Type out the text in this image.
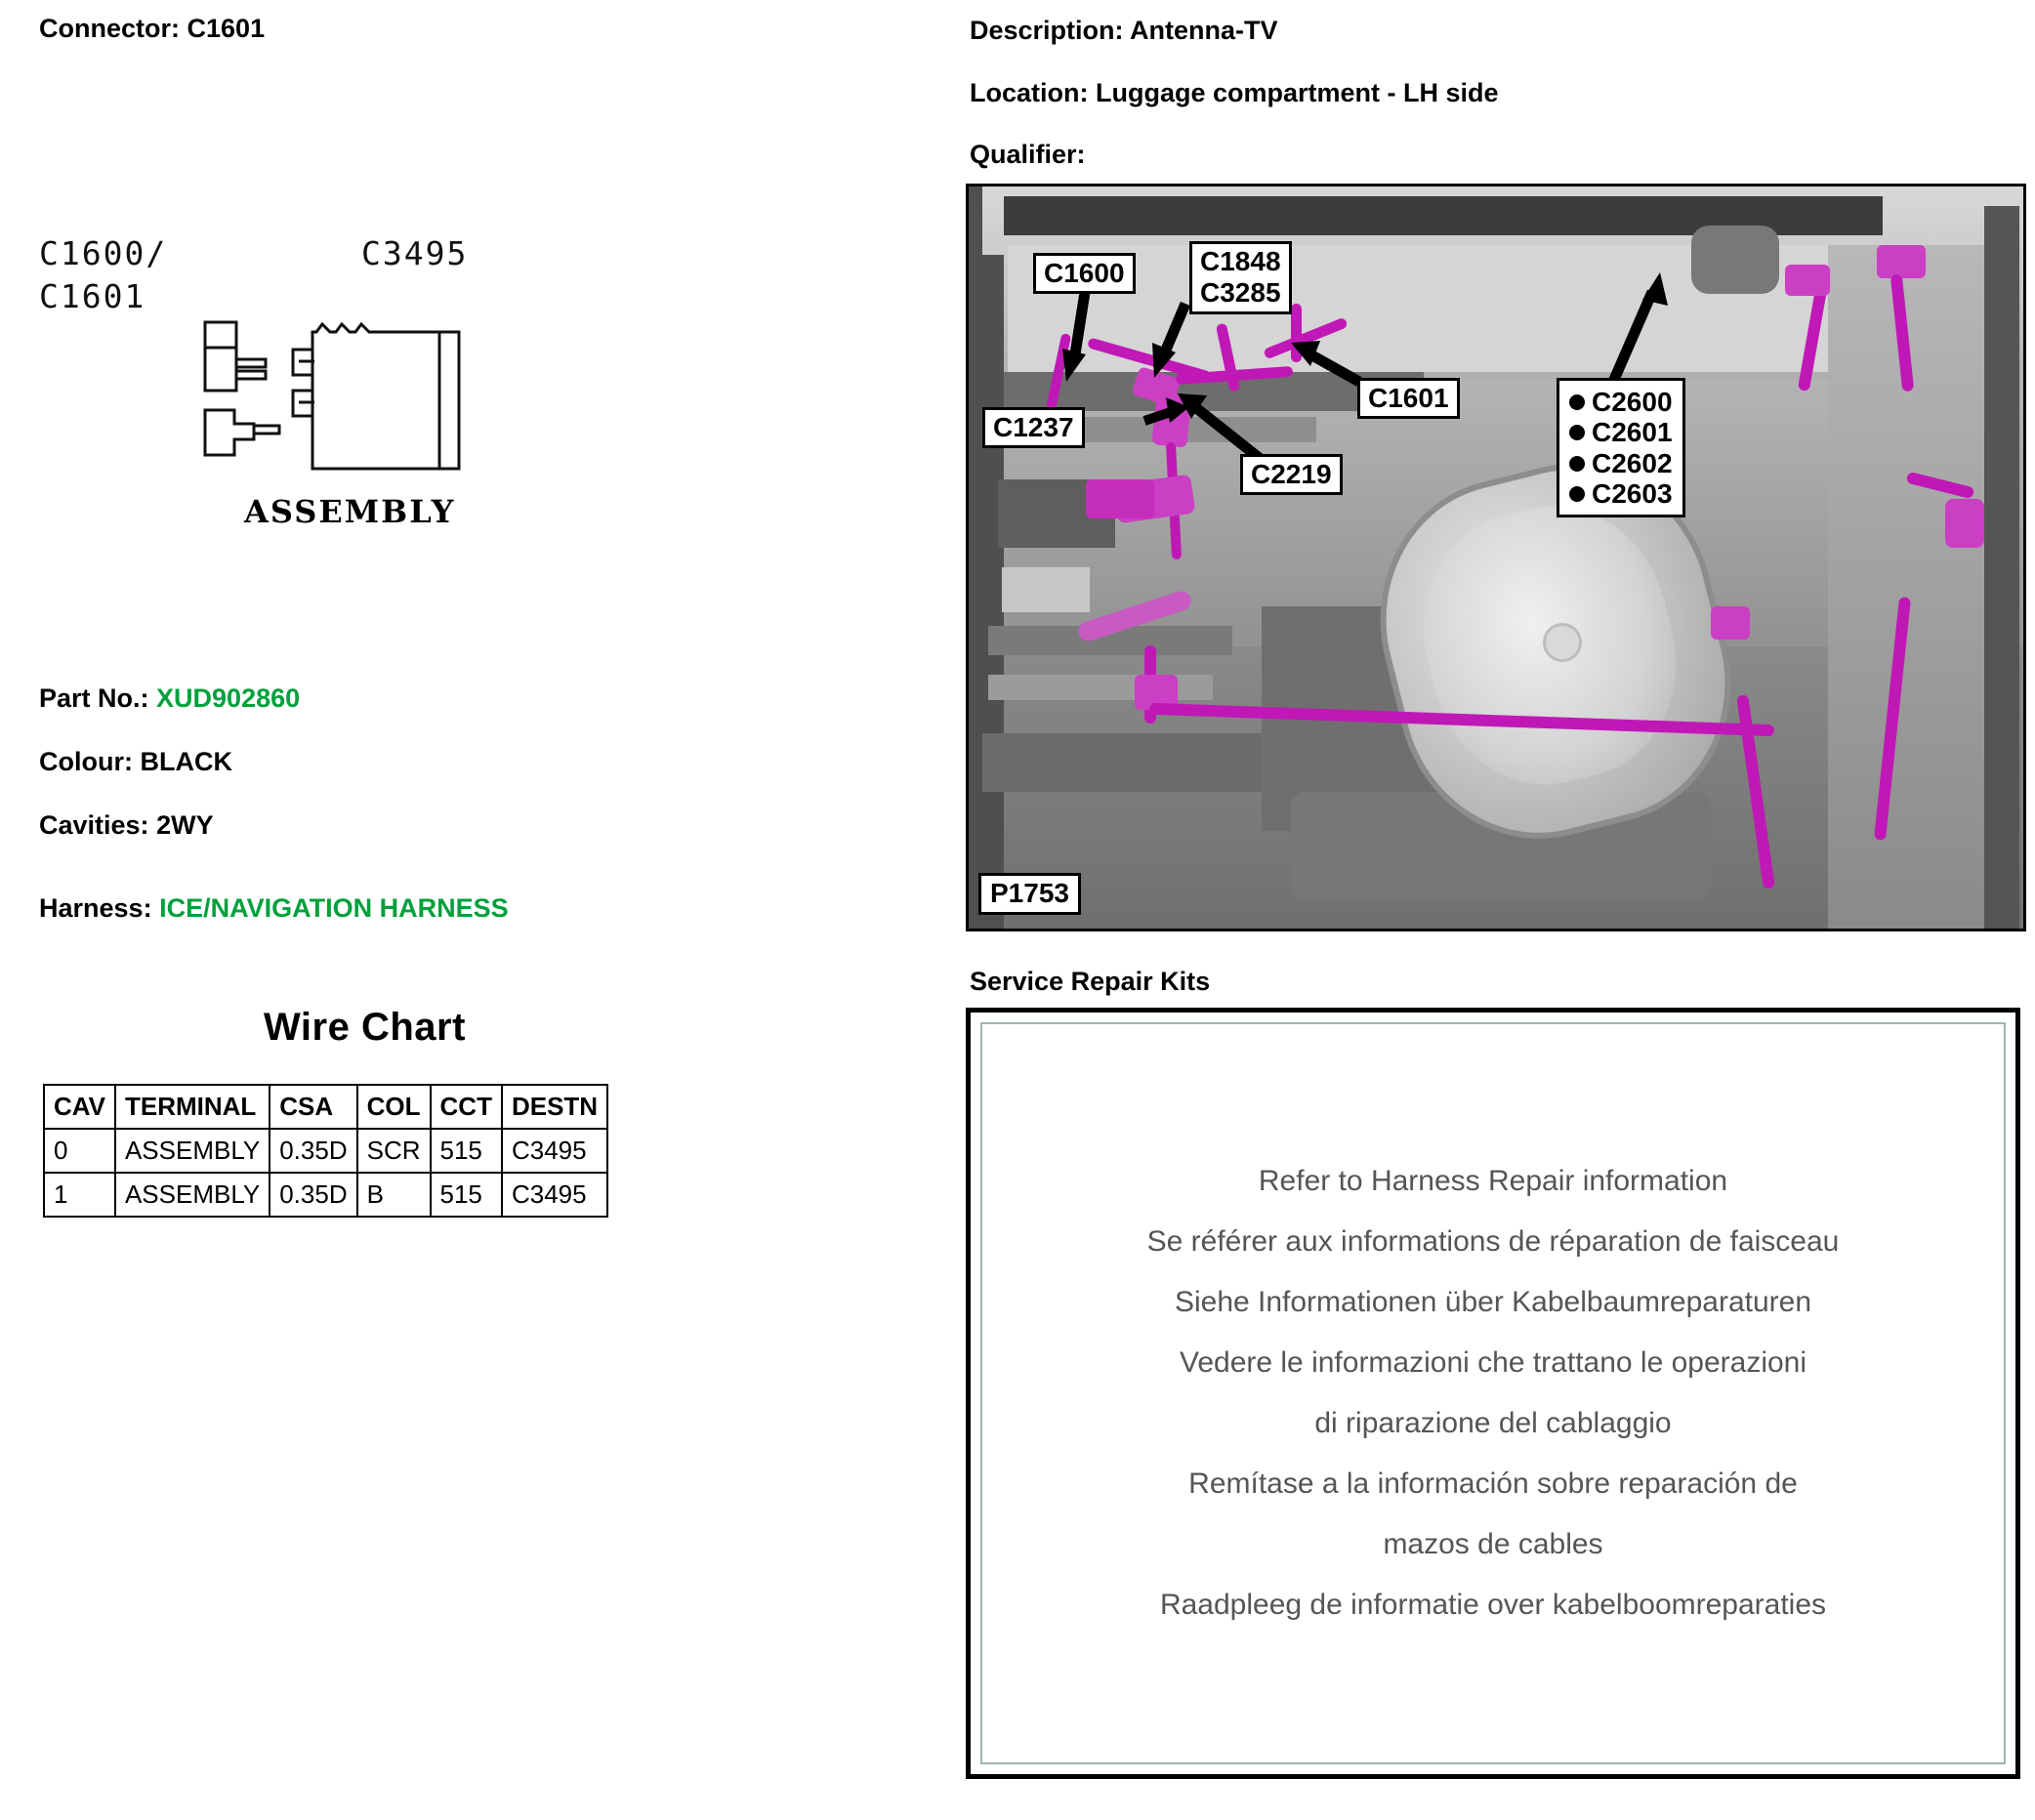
Connector: C1601
C1600/
C1601
C3495
ASSEMBLY
Part No.: XUD902860
Colour: BLACK
Cavities: 2WY
Harness: ICE/NAVIGATION HARNESS
Wire Chart
CAV	TERMINAL	CSA	COL	CCT	DESTN
0	ASSEMBLY	0.35D	SCR	515	C3495
1	ASSEMBLY	0.35D	B	515	C3495
Description: Antenna-TV
Location: Luggage compartment - LH side
Qualifier:
C1600	C1848
C3285
C1601
C1237
C2219
C2600
C2601
C2602
C2603
P1753
Service Repair Kits
Refer to Harness Repair information
Se référer aux informations de réparation de faisceau
Siehe Informationen über Kabelbaumreparaturen
Vedere le informazioni che trattano le operazioni
di riparazione del cablaggio
Remítase a la información sobre reparación de
mazos de cables
Raadpleeg de informatie over kabelboomreparaties
